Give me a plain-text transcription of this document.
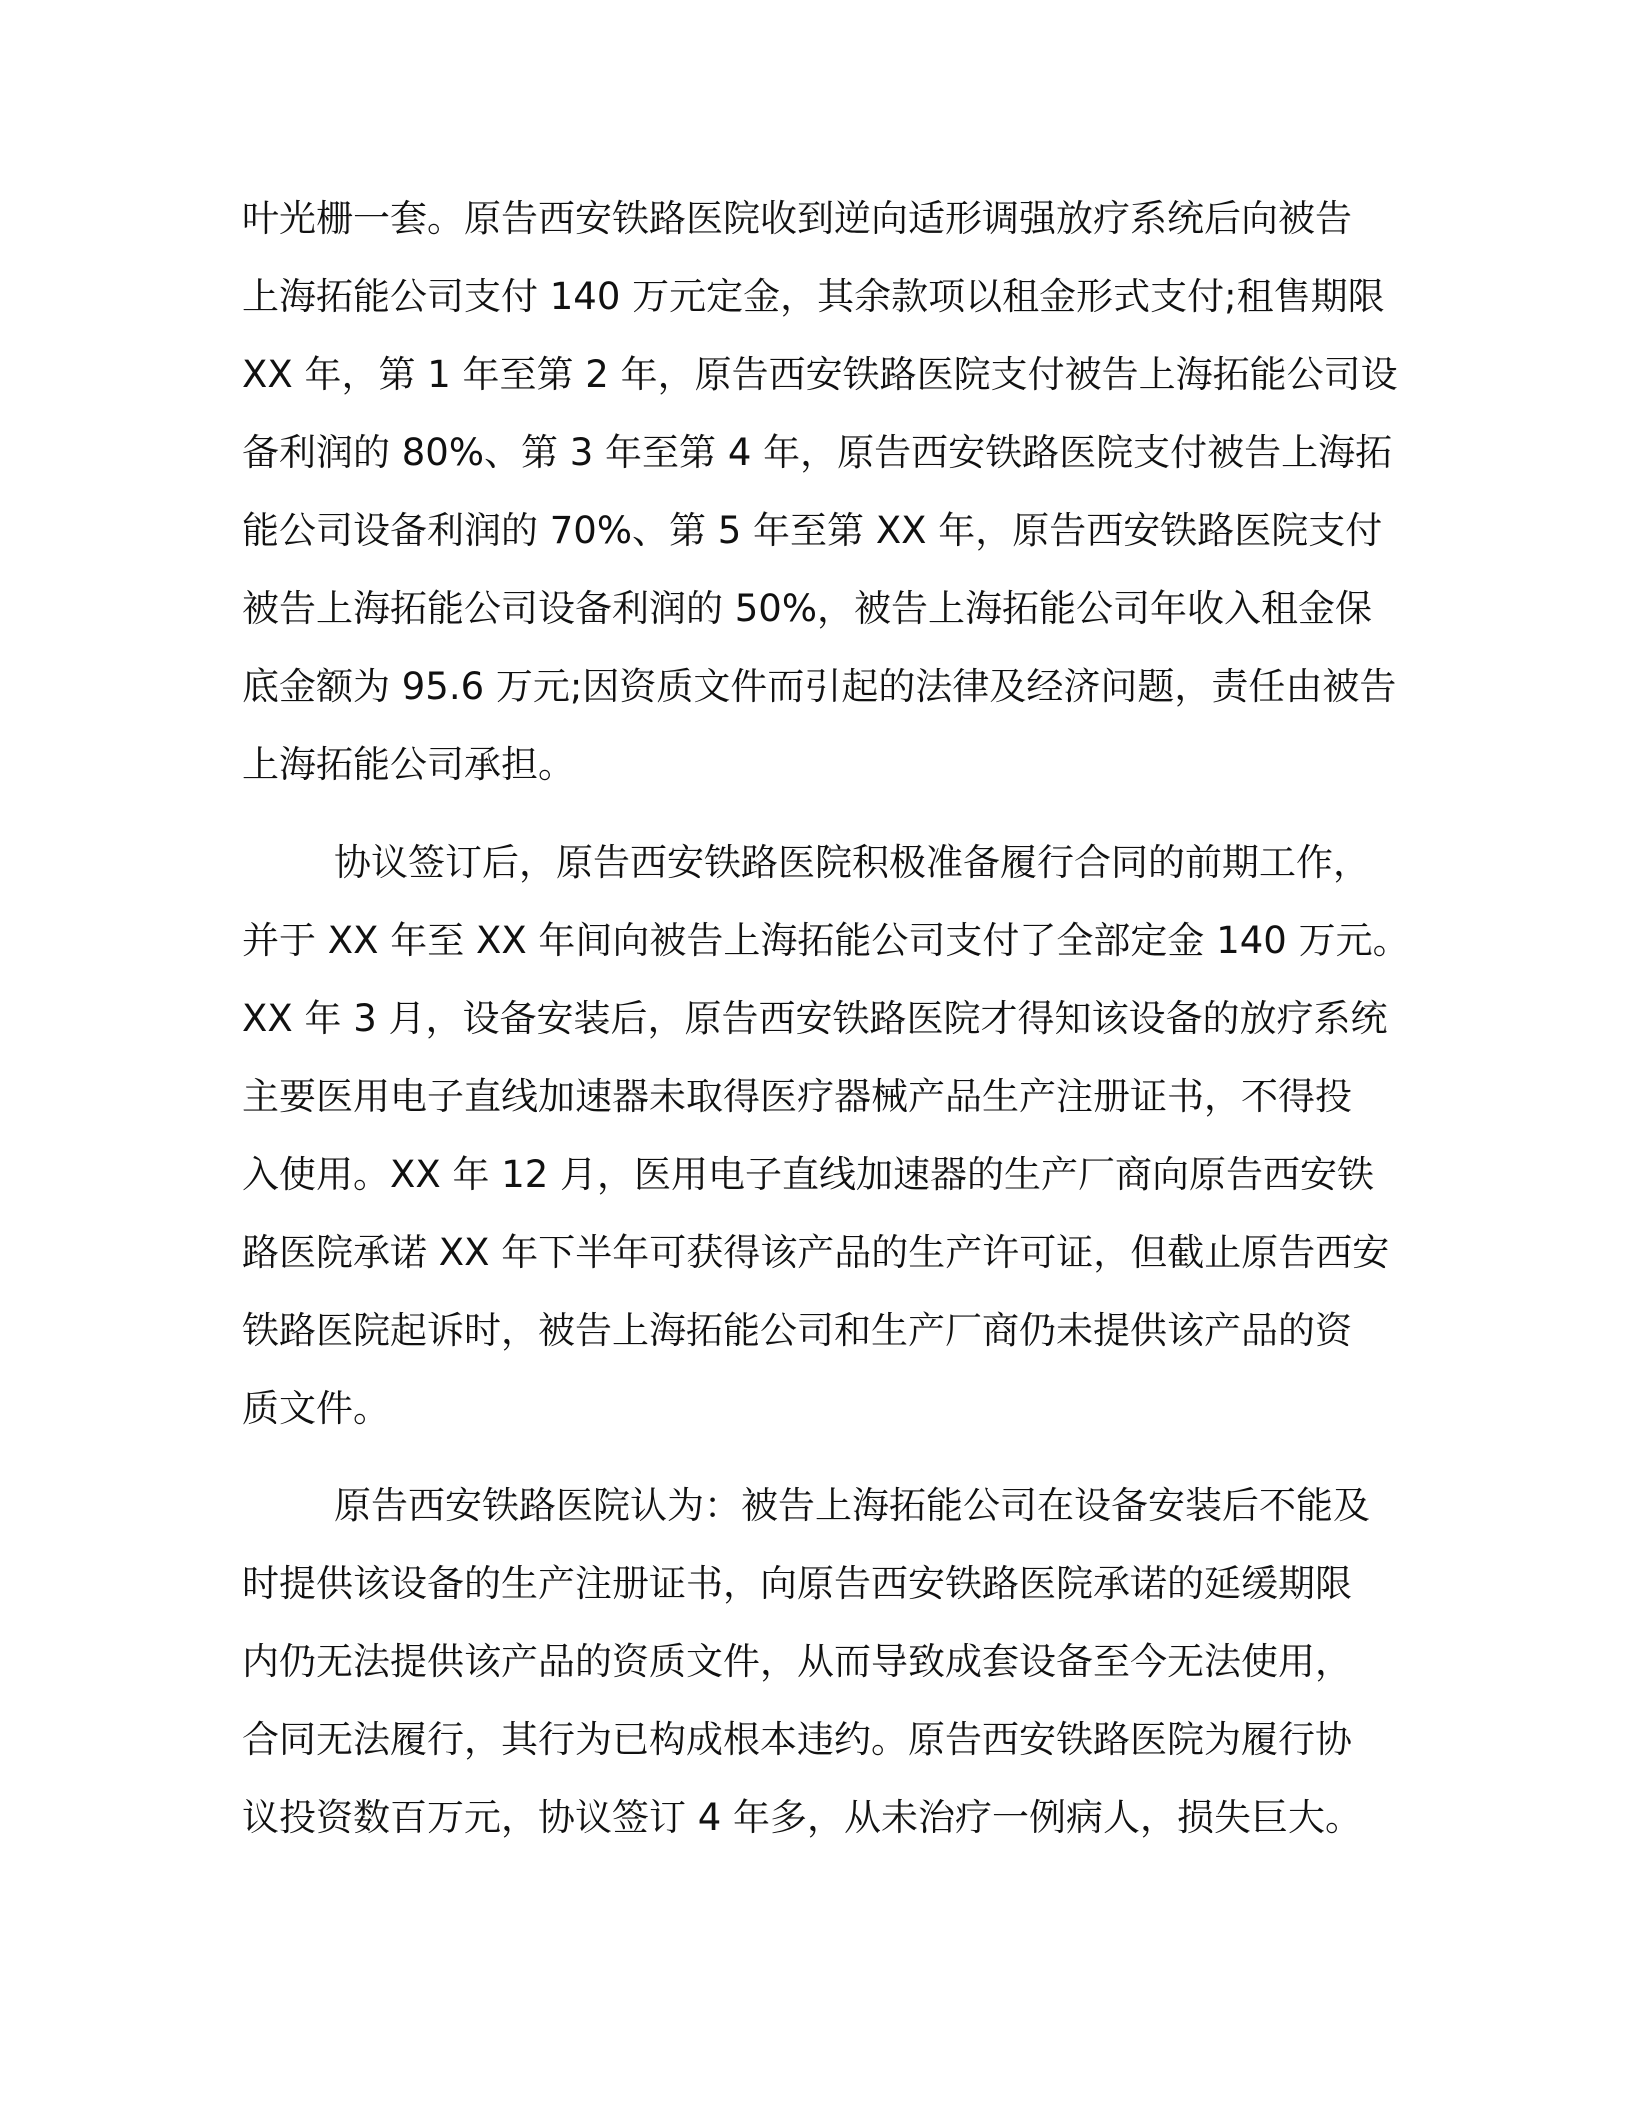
叶光栅一套。原告西安铁路医院收到逆向适形调强放疗系统后向被告
上海拓能公司支付 140 万元定金，其余款项以租金形式支付;租售期限
XX 年，第 1 年至第 2 年，原告西安铁路医院支付被告上海拓能公司设
备利润的 80%、第 3 年至第 4 年，原告西安铁路医院支付被告上海拓
能公司设备利润的 70%、第 5 年至第 XX 年，原告西安铁路医院支付
被告上海拓能公司设备利润的 50%，被告上海拓能公司年收入租金保
底金额为 95.6 万元;因资质文件而引起的法律及经济问题，责任由被告
上海拓能公司承担。
协议签订后，原告西安铁路医院积极准备履行合同的前期工作，
并于 XX 年至 XX 年间向被告上海拓能公司支付了全部定金 140 万元。
XX 年 3 月，设备安装后，原告西安铁路医院才得知该设备的放疗系统
主要医用电子直线加速器未取得医疗器械产品生产注册证书，不得投
入使用。XX 年 12 月，医用电子直线加速器的生产厂商向原告西安铁
路医院承诺 XX 年下半年可获得该产品的生产许可证，但截止原告西安
铁路医院起诉时，被告上海拓能公司和生产厂商仍未提供该产品的资
质文件。
原告西安铁路医院认为：被告上海拓能公司在设备安装后不能及
时提供该设备的生产注册证书，向原告西安铁路医院承诺的延缓期限
内仍无法提供该产品的资质文件，从而导致成套设备至今无法使用，
合同无法履行，其行为已构成根本违约。原告西安铁路医院为履行协
议投资数百万元，协议签订 4 年多，从未治疗一例病人，损失巨大。
